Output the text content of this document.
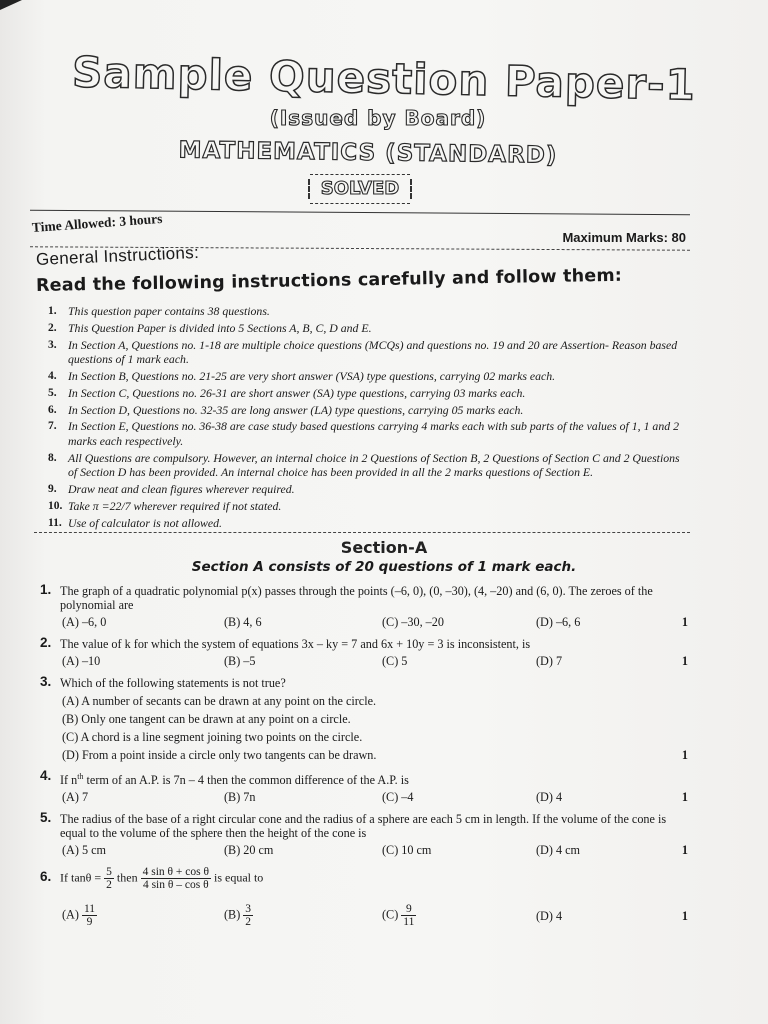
Sample Question Paper-1
(Issued by Board)
MATHEMATICS (STANDARD)
SOLVED
Time Allowed: 3 hours
Maximum Marks: 80
General Instructions:
Read the following instructions carefully and follow them:
1. This question paper contains 38 questions.
2. This Question Paper is divided into 5 Sections A, B, C, D and E.
3. In Section A, Questions no. 1-18 are multiple choice questions (MCQs) and questions no. 19 and 20 are Assertion- Reason based questions of 1 mark each.
4. In Section B, Questions no. 21-25 are very short answer (VSA) type questions, carrying 02 marks each.
5. In Section C, Questions no. 26-31 are short answer (SA) type questions, carrying 03 marks each.
6. In Section D, Questions no. 32-35 are long answer (LA) type questions, carrying 05 marks each.
7. In Section E, Questions no. 36-38 are case study based questions carrying 4 marks each with sub parts of the values of 1, 1 and 2 marks each respectively.
8. All Questions are compulsory. However, an internal choice in 2 Questions of Section B, 2 Questions of Section C and 2 Questions of Section D has been provided. An internal choice has been provided in all the 2 marks questions of Section E.
9. Draw neat and clean figures wherever required.
10. Take π =22/7 wherever required if not stated.
11. Use of calculator is not allowed.
Section-A
Section A consists of 20 questions of 1 mark each.
1. The graph of a quadratic polynomial p(x) passes through the points (–6, 0), (0, –30), (4, –20) and (6, 0). The zeroes of the polynomial are
(A) –6, 0	(B) 4, 6	(C) –30, –20	(D) –6, 6	1
2. The value of k for which the system of equations 3x – ky = 7 and 6x + 10y = 3 is inconsistent, is
(A) –10	(B) –5	(C) 5	(D) 7	1
3. Which of the following statements is not true?
(A) A number of secants can be drawn at any point on the circle.
(B) Only one tangent can be drawn at any point on a circle.
(C) A chord is a line segment joining two points on the circle.
(D) From a point inside a circle only two tangents can be drawn.	1
4. If $n^{th}$ term of an A.P. is 7n – 4 then the common difference of the A.P. is
(A) 7	(B) 7n	(C) –4	(D) 4	1
5. The radius of the base of a right circular cone and the radius of a sphere are each 5 cm in length. If the volume of the cone is equal to the volume of the sphere then the height of the cone is
(A) 5 cm	(B) 20 cm	(C) 10 cm	(D) 4 cm	1
6. If $\tan\theta = \frac{5}{2}$ then $\frac{\text{4 sin θ + cos θ}}{\text{4 sin θ – cos θ}}$ is equal to
$(A) \frac{11}{9}$	$(B) \frac{3}{2}$	$(C) \frac{9}{11}$	(D) 4	1
